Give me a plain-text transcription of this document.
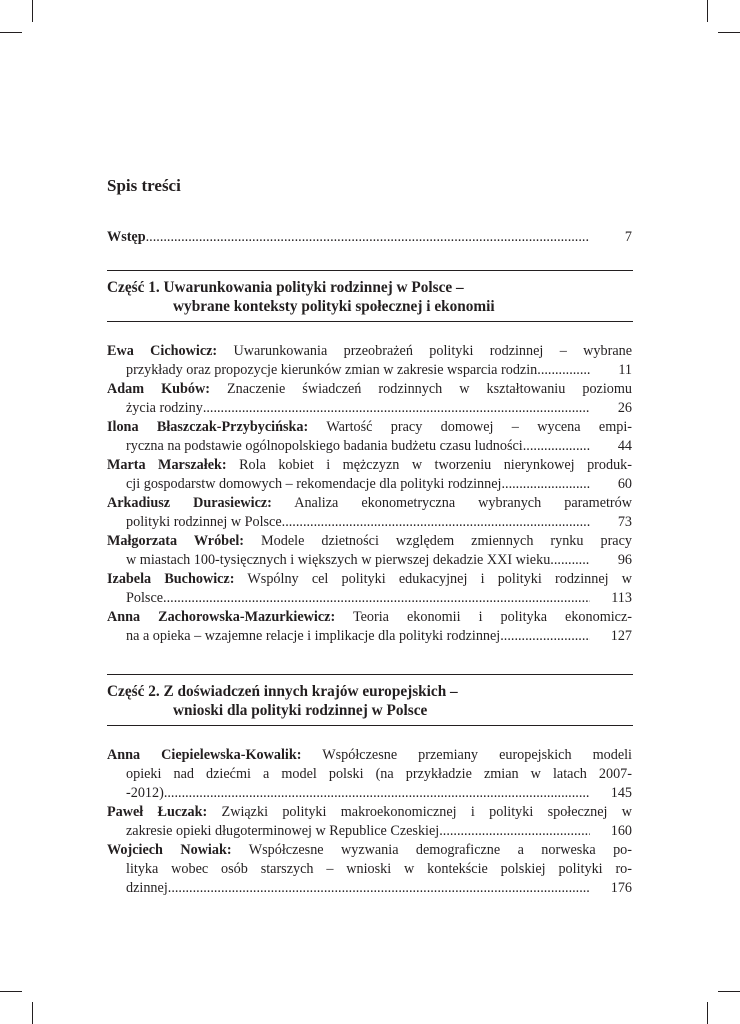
Spis treści
Wstęp .....	7
Część 1. Uwarunkowania polityki rodzinnej w Polsce –
wybrane konteksty polityki społecznej i ekonomii
Ewa Cichowicz: Uwarunkowania przeobrażeń polityki rodzinnej – wybrane
przykłady oraz propozycje kierunków zmian w zakresie wsparcia rodzin .....	11
Adam Kubów: Znaczenie świadczeń rodzinnych w kształtowaniu poziomu
życia rodziny .....	26
Ilona Błaszczak-Przybycińska: Wartość pracy domowej – wycena empi-
ryczna na podstawie ogólnopolskiego badania budżetu czasu ludności .....	44
Marta Marszałek: Rola kobiet i mężczyzn w tworzeniu nierynkowej produk-
cji gospodarstw domowych – rekomendacje dla polityki rodzinnej .....	60
Arkadiusz Durasiewicz: Analiza ekonometryczna wybranych parametrów
polityki rodzinnej w Polsce .....	73
Małgorzata Wróbel: Modele dzietności względem zmiennych rynku pracy
w miastach 100-tysięcznych i większych w pierwszej dekadzie XXI wieku .....	96
Izabela Buchowicz: Wspólny cel polityki edukacyjnej i polityki rodzinnej w
Polsce .....	113
Anna Zachorowska-Mazurkiewicz: Teoria ekonomii i polityka ekonomicz-
na a opieka – wzajemne relacje i implikacje dla polityki rodzinnej .....	127
Część 2. Z doświadczeń innych krajów europejskich –
wnioski dla polityki rodzinnej w Polsce
Anna Ciepielewska-Kowalik: Współczesne przemiany europejskich modeli
opieki nad dziećmi a model polski (na przykładzie zmian w latach 2007-
-2012) .....	145
Paweł Łuczak: Związki polityki makroekonomicznej i polityki społecznej w
zakresie opieki długoterminowej w Republice Czeskiej .....	160
Wojciech Nowiak: Współczesne wyzwania demograficzne a norweska po-
lityka wobec osób starszych – wnioski w kontekście polskiej polityki ro-
dzinnej .....	176
